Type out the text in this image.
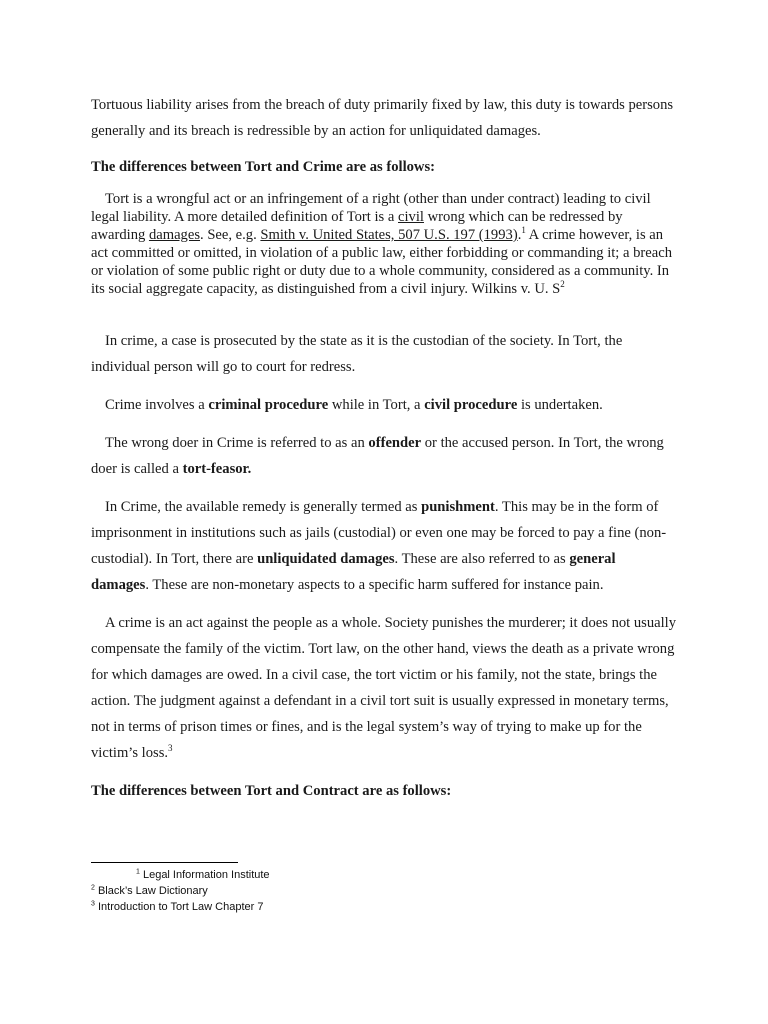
Tortuous liability arises from the breach of duty primarily fixed by law, this duty is towards persons generally and its breach is redressible by an action for unliquidated damages.

The differences between Tort and Crime are as follows:

Tort is a wrongful act or an infringement of a right (other than under contract) leading to civil legal liability. A more detailed definition of Tort is a civil wrong which can be redressed by awarding damages. See, e.g. Smith v. United States, 507 U.S. 197 (1993).$^1$ A crime however, is an act committed or omitted, in violation of a public law, either forbidding or commanding it; a breach or violation of some public right or duty due to a whole community, considered as a community. In its social aggregate capacity, as distinguished from a civil injury. Wilkins v. U. $S^2$

In crime, a case is prosecuted by the state as it is the custodian of the society. In Tort, the individual person will go to court for redress.

Crime involves a criminal procedure while in Tort, a civil procedure is undertaken.

The wrong doer in Crime is referred to as an offender or the accused person. In Tort, the wrong doer is called a tort-feasor.

In Crime, the available remedy is generally termed as punishment. This may be in the form of imprisonment in institutions such as jails (custodial) or even one may be forced to pay a fine (non-custodial). In Tort, there are unliquidated damages. These are also referred to as general damages. These are non-monetary aspects to a specific harm suffered for instance pain.

A crime is an act against the people as a whole. Society punishes the murderer; it does not usually compensate the family of the victim. Tort law, on the other hand, views the death as a private wrong for which damages are owed. In a civil case, the tort victim or his family, not the state, brings the action. The judgment against a defendant in a civil tort suit is usually expressed in monetary terms, not in terms of prison times or fines, and is the legal system’s way of trying to make up for the victim’s loss.$^3$

The differences between Tort and Contract are as follows:

$^1$ Legal Information Institute
$^2$ Black’s Law Dictionary
$^3$ Introduction to Tort Law Chapter 7
